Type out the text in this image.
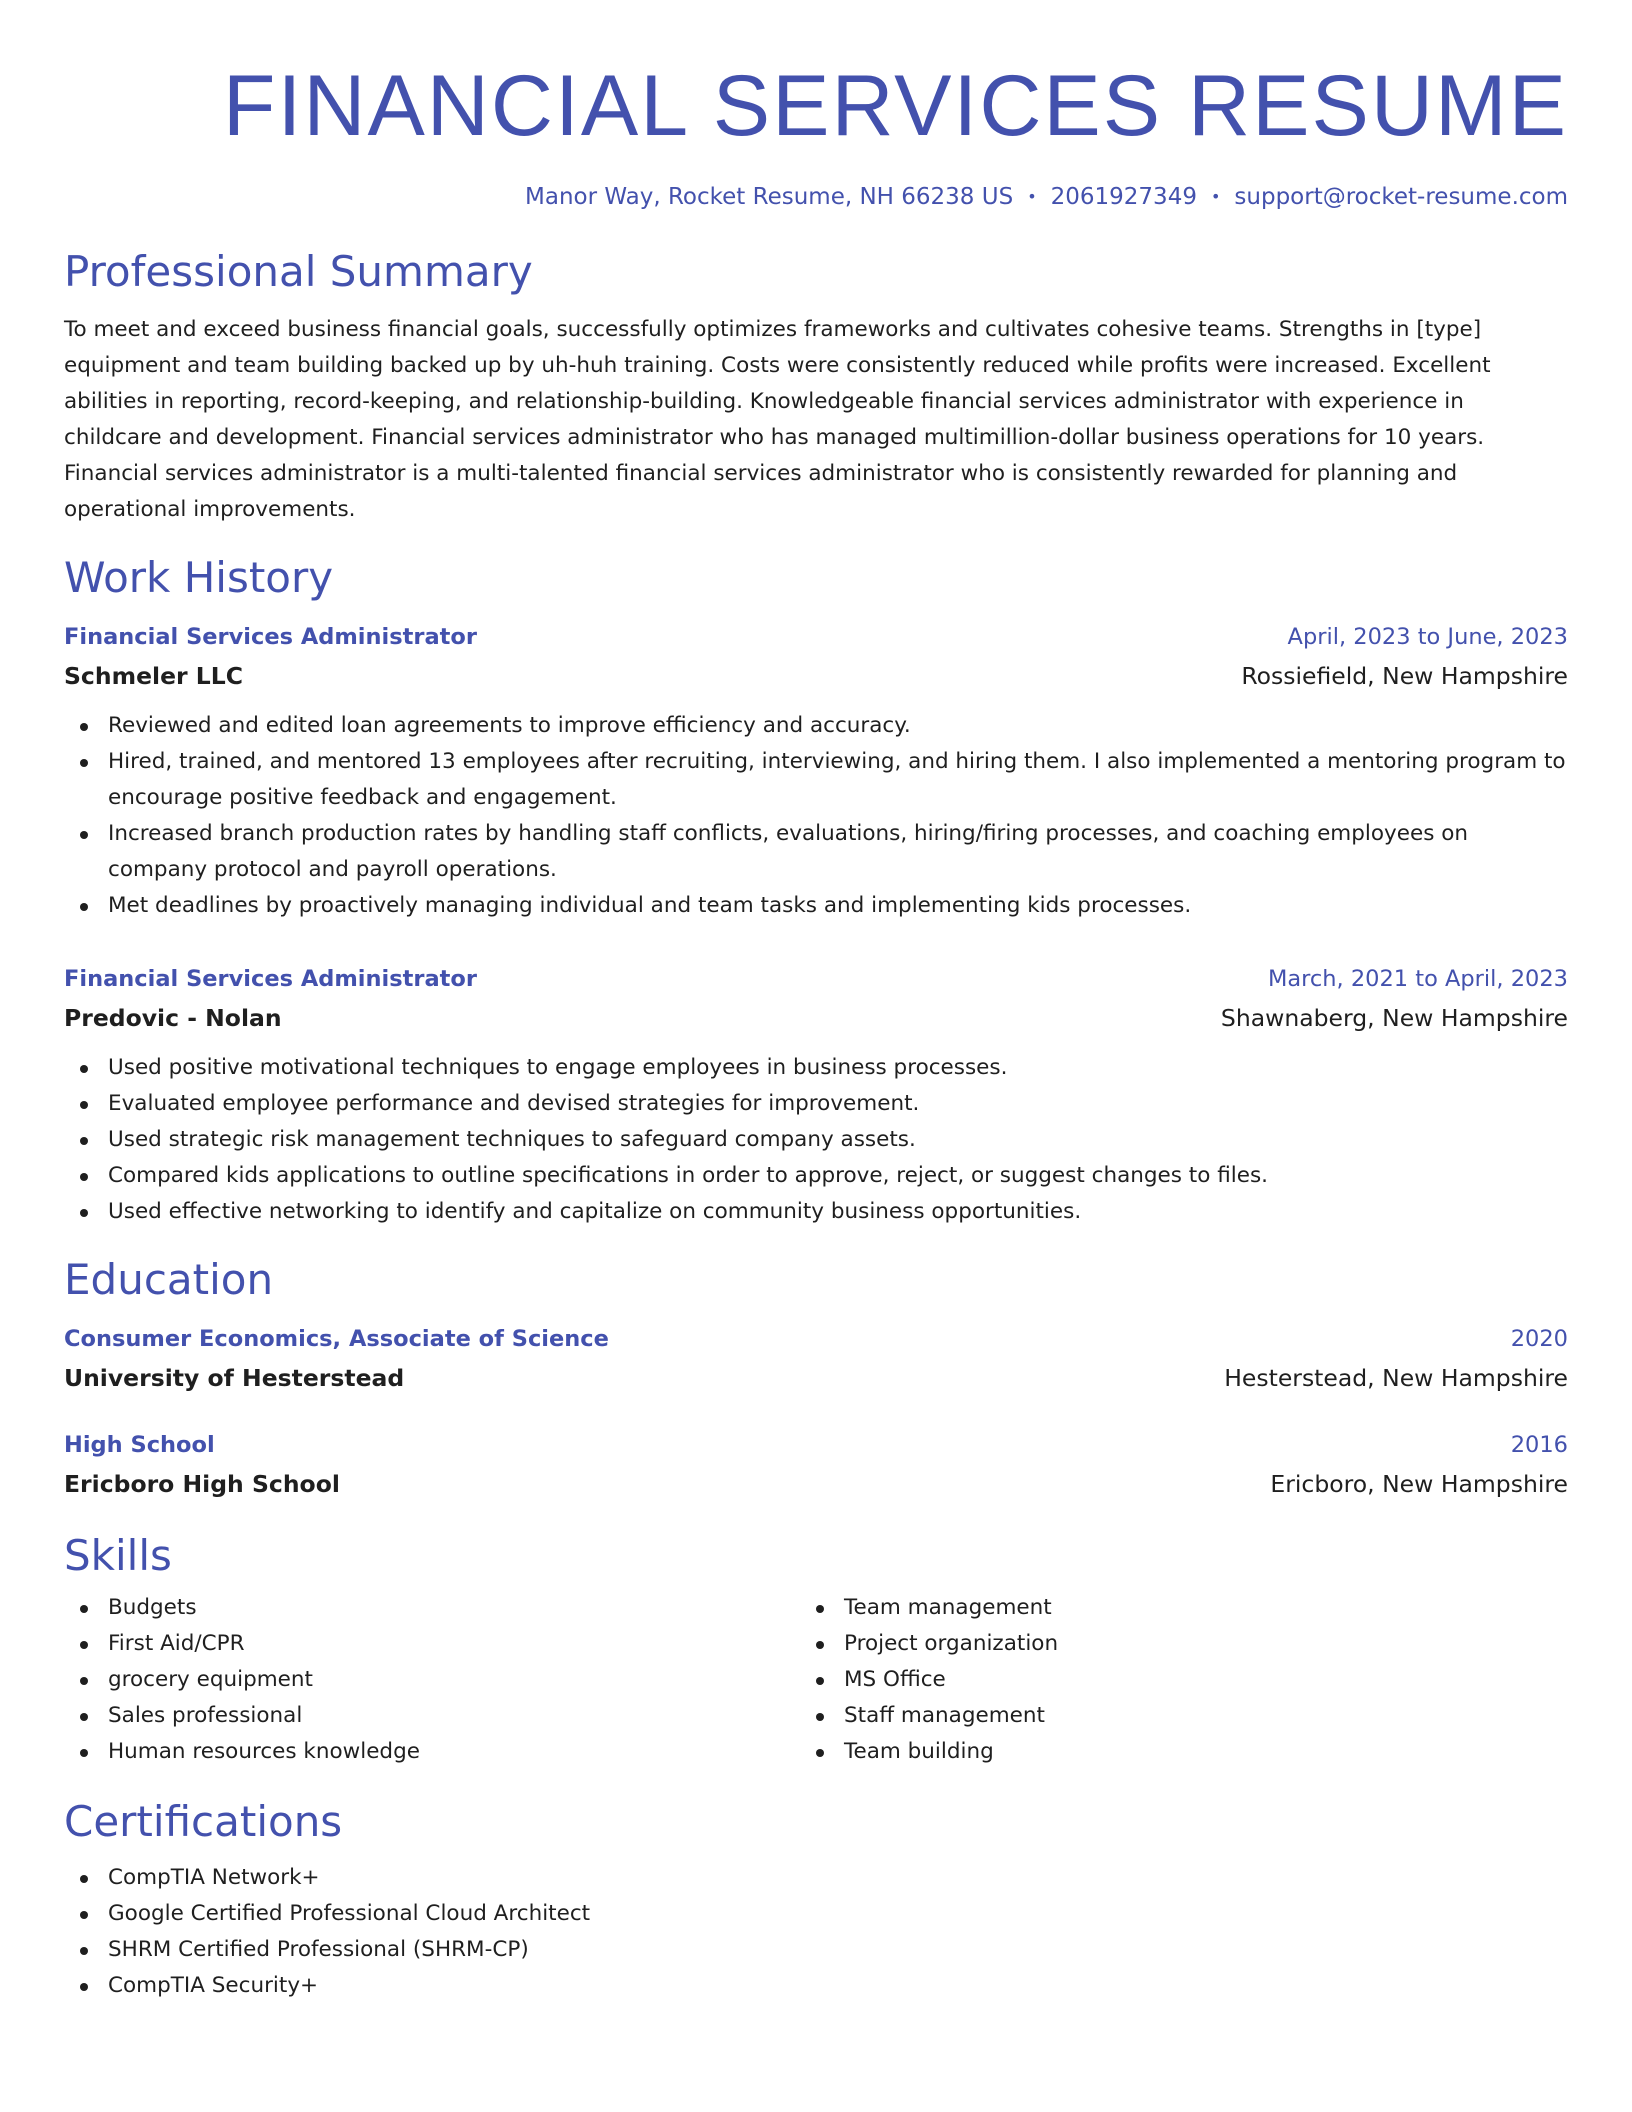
FINANCIAL SERVICES RESUME
Manor Way, Rocket Resume, NH 66238 US • 2061927349 • support@rocket-resume.com
Professional Summary

To meet and exceed business financial goals, successfully optimizes frameworks and cultivates cohesive teams. Strengths in [type] equipment and team building backed up by uh-huh training. Costs were consistently reduced while profits were increased. Excellent abilities in reporting, record-keeping, and relationship-building. Knowledgeable financial services administrator with experience in childcare and development. Financial services administrator who has managed multimillion-dollar business operations for 10 years. Financial services administrator is a multi-talented financial services administrator who is consistently rewarded for planning and operational improvements.

Work History
Financial Services Administrator	April, 2023 to June, 2023
Schmeler LLC	Rossiefield, New Hampshire
Reviewed and edited loan agreements to improve efficiency and accuracy.
Hired, trained, and mentored 13 employees after recruiting, interviewing, and hiring them. I also implemented a mentoring program to encourage positive feedback and engagement.
Increased branch production rates by handling staff conflicts, evaluations, hiring/firing processes, and coaching employees on company protocol and payroll operations.
Met deadlines by proactively managing individual and team tasks and implementing kids processes.
Financial Services Administrator	March, 2021 to April, 2023
Predovic - Nolan	Shawnaberg, New Hampshire
Used positive motivational techniques to engage employees in business processes.
Evaluated employee performance and devised strategies for improvement.
Used strategic risk management techniques to safeguard company assets.
Compared kids applications to outline specifications in order to approve, reject, or suggest changes to files.
Used effective networking to identify and capitalize on community business opportunities.
Education
Consumer Economics, Associate of Science	2020
University of Hesterstead	Hesterstead, New Hampshire
High School	2016
Ericboro High School	Ericboro, New Hampshire
Skills
Budgets
First Aid/CPR
grocery equipment
Sales professional
Human resources knowledge
Team management
Project organization
MS Office
Staff management
Team building
Certifications
CompTIA Network+
Google Certified Professional Cloud Architect
SHRM Certified Professional (SHRM-CP)
CompTIA Security+
